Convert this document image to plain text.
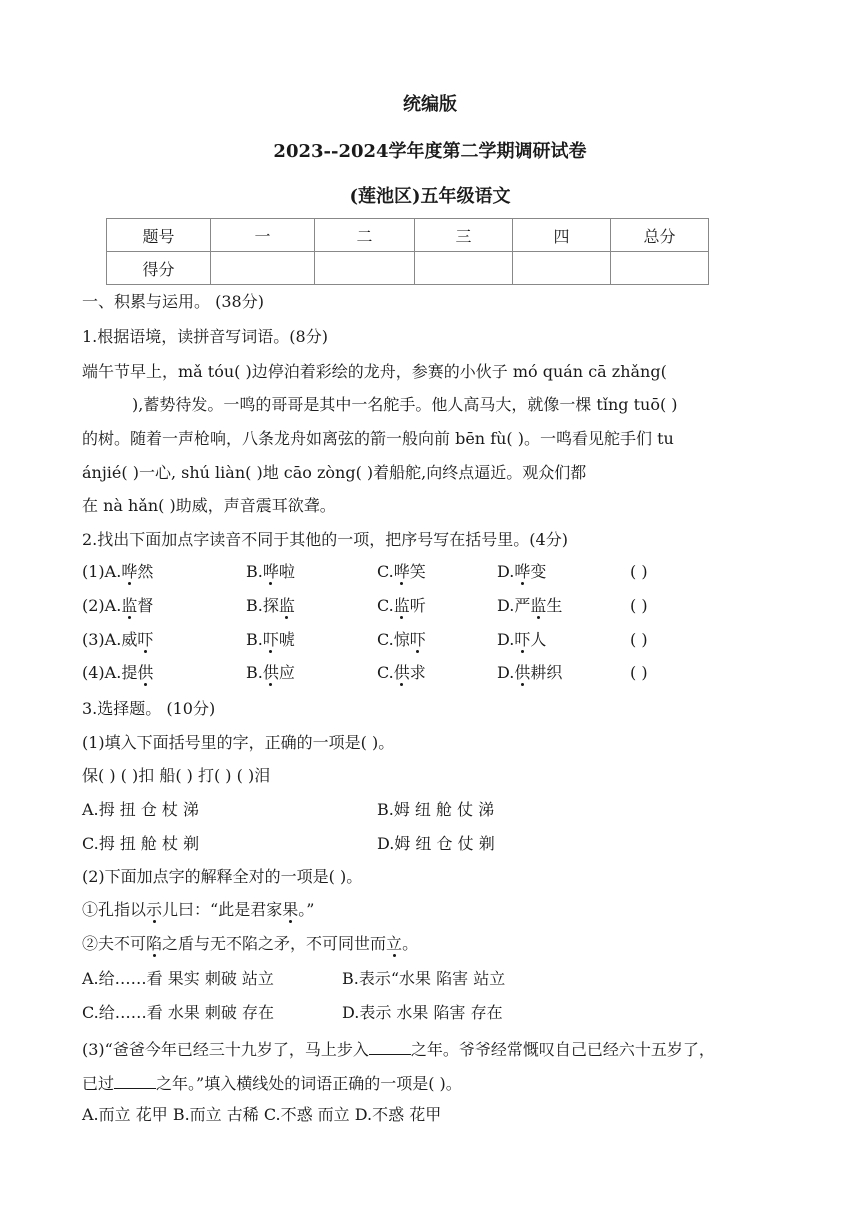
统编版
2023--2024学年度第二学期调研试卷
(莲池区)五年级语文
题号	一	二	三	四	总分
得分					
一、积累与运用。 (38分)
1.根据语境，读拼音写词语。(8分)
端午节早上，mǎ tóu( )边停泊着彩绘的龙舟，参赛的小伙子 mó quán cā zhǎng(
),蓄势待发。一鸣的哥哥是其中一名舵手。他人高马大，就像一棵 tǐng tuō( )
的树。随着一声枪响，八条龙舟如离弦的箭一般向前 bēn fù( )。一鸣看见舵手们 tu
ánjié( )一心, shú liàn( )地 cāo zòng( )着船舵,向终点逼近。观众们都
在 nà hǎn( )助威，声音震耳欲聋。
2.找出下面加点字读音不同于其他的一项，把序号写在括号里。(4分)
(1)A.哗然	B.哗啦	C.哗笑	D.哗变	( )
(2)A.监督	B.探监	C.监听	D.严监生	( )
(3)A.威吓	B.吓唬	C.惊吓	D.吓人	( )
(4)A.提供	B.供应	C.供求	D.供耕织	( )
3.选择题。 (10分)
(1)填入下面括号里的字，正确的一项是( )。
保( ) ( )扣 船( ) 打( ) ( )泪
A.拇 扭 仓 杖 涕	B.姆 纽 舱 仗 涕
C.拇 扭 舱 杖 剃	D.姆 纽 仓 仗 剃
(2)下面加点字的解释全对的一项是( )。
①孔指以示儿曰：“此是君家果。”
②夫不可陷之盾与无不陷之矛，不可同世而立。
A.给……看 果实 刺破 站立	B.表示“水果 陷害 站立
C.给……看 水果 刺破 存在	D.表示 水果 陷害 存在
(3)“爸爸今年已经三十九岁了，马上步入	之年。爷爷经常慨叹自己已经六十五岁了，
已过	之年。”填入横线处的词语正确的一项是( )。
A.而立 花甲 B.而立 古稀 C.不惑 而立 D.不惑 花甲
